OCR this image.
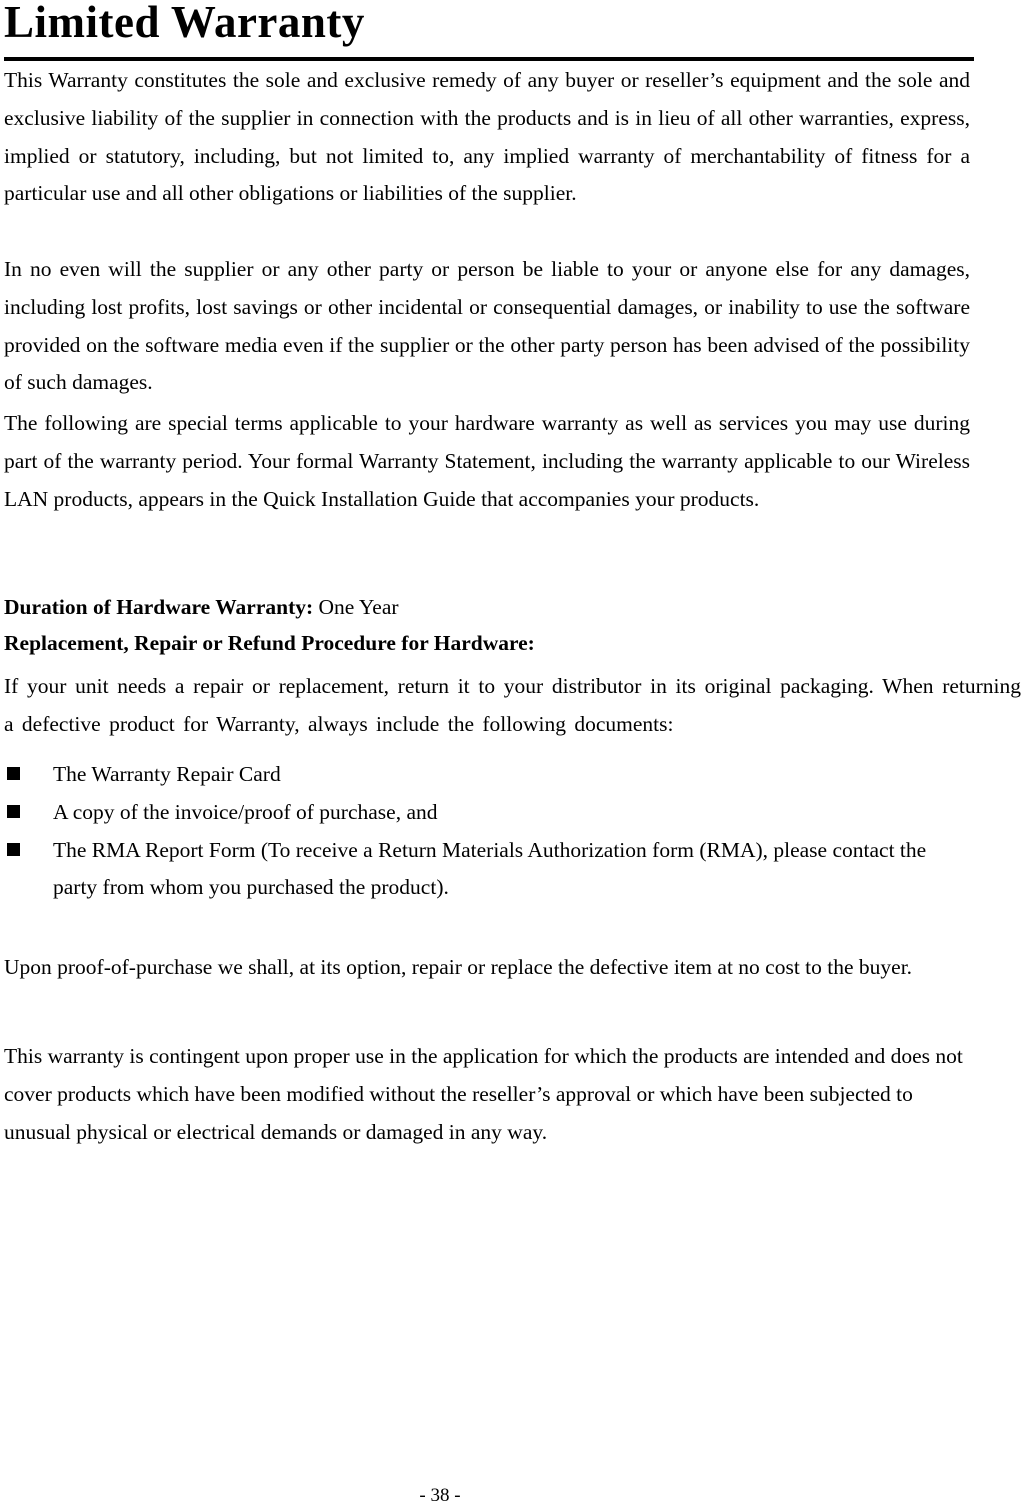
Limited Warranty

This Warranty constitutes the sole and exclusive remedy of any buyer or reseller’s equipment and the sole and exclusive liability of the supplier in connection with the products and is in lieu of all other warranties, express, implied or statutory, including, but not limited to, any implied warranty of merchantability of fitness for a particular use and all other obligations or liabilities of the supplier.

In no even will the supplier or any other party or person be liable to your or anyone else for any damages, including lost profits, lost savings or other incidental or consequential damages, or inability to use the software provided on the software media even if the supplier or the other party person has been advised of the possibility of such damages.

The following are special terms applicable to your hardware warranty as well as services you may use during part of the warranty period. Your formal Warranty Statement, including the warranty applicable to our Wireless LAN products, appears in the Quick Installation Guide that accompanies your products.

Duration of Hardware Warranty: One Year

Replacement, Repair or Refund Procedure for Hardware:

If your unit needs a repair or replacement, return it to your distributor in its original packaging. When returning a defective product for Warranty, always include the following documents:

The Warranty Repair Card
A copy of the invoice/proof of purchase, and
The RMA Report Form (To receive a Return Materials Authorization form (RMA), please contact the party from whom you purchased the product).

Upon proof-of-purchase we shall, at its option, repair or replace the defective item at no cost to the buyer.

This warranty is contingent upon proper use in the application for which the products are intended and does not cover products which have been modified without the reseller’s approval or which have been subjected to unusual physical or electrical demands or damaged in any way.

- 38 -
